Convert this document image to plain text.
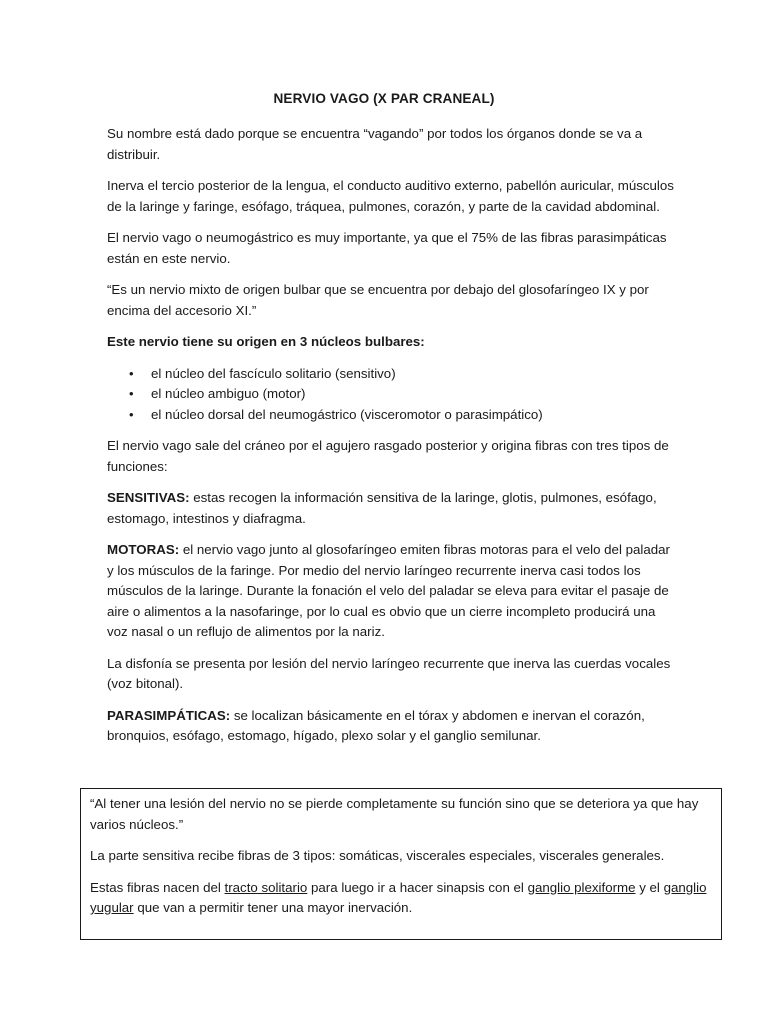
NERVIO VAGO (X PAR CRANEAL)

Su nombre está dado porque se encuentra “vagando” por todos los órganos donde se va a distribuir.

Inerva el tercio posterior de la lengua, el conducto auditivo externo, pabellón auricular, músculos de la laringe y faringe, esófago, tráquea, pulmones, corazón, y parte de la cavidad abdominal.

El nervio vago o neumogástrico es muy importante, ya que el 75% de las fibras parasimpáticas están en este nervio.

“Es un nervio mixto de origen bulbar que se encuentra por debajo del glosofaríngeo IX y por encima del accesorio XI.”

Este nervio tiene su origen en 3 núcleos bulbares:

• el núcleo del fascículo solitario (sensitivo)
• el núcleo ambiguo (motor)
• el núcleo dorsal del neumogástrico (visceromotor o parasimpático)

El nervio vago sale del cráneo por el agujero rasgado posterior y origina fibras con tres tipos de funciones:

SENSITIVAS: estas recogen la información sensitiva de la laringe, glotis, pulmones, esófago, estomago, intestinos y diafragma.

MOTORAS: el nervio vago junto al glosofaríngeo emiten fibras motoras para el velo del paladar y los músculos de la faringe. Por medio del nervio laríngeo recurrente inerva casi todos los músculos de la laringe. Durante la fonación el velo del paladar se eleva para evitar el pasaje de aire o alimentos a la nasofaringe, por lo cual es obvio que un cierre incompleto producirá una voz nasal o un reflujo de alimentos por la nariz.

La disfonía se presenta por lesión del nervio laríngeo recurrente que inerva las cuerdas vocales (voz bitonal).

PARASIMPÁTICAS: se localizan básicamente en el tórax y abdomen e inervan el corazón, bronquios, esófago, estomago, hígado, plexo solar y el ganglio semilunar.

“Al tener una lesión del nervio no se pierde completamente su función sino que se deteriora ya que hay varios núcleos.”

La parte sensitiva recibe fibras de 3 tipos: somáticas, viscerales especiales, viscerales generales.

Estas fibras nacen del tracto solitario para luego ir a hacer sinapsis con el ganglio plexiforme y el ganglio yugular que van a permitir tener una mayor inervación.
